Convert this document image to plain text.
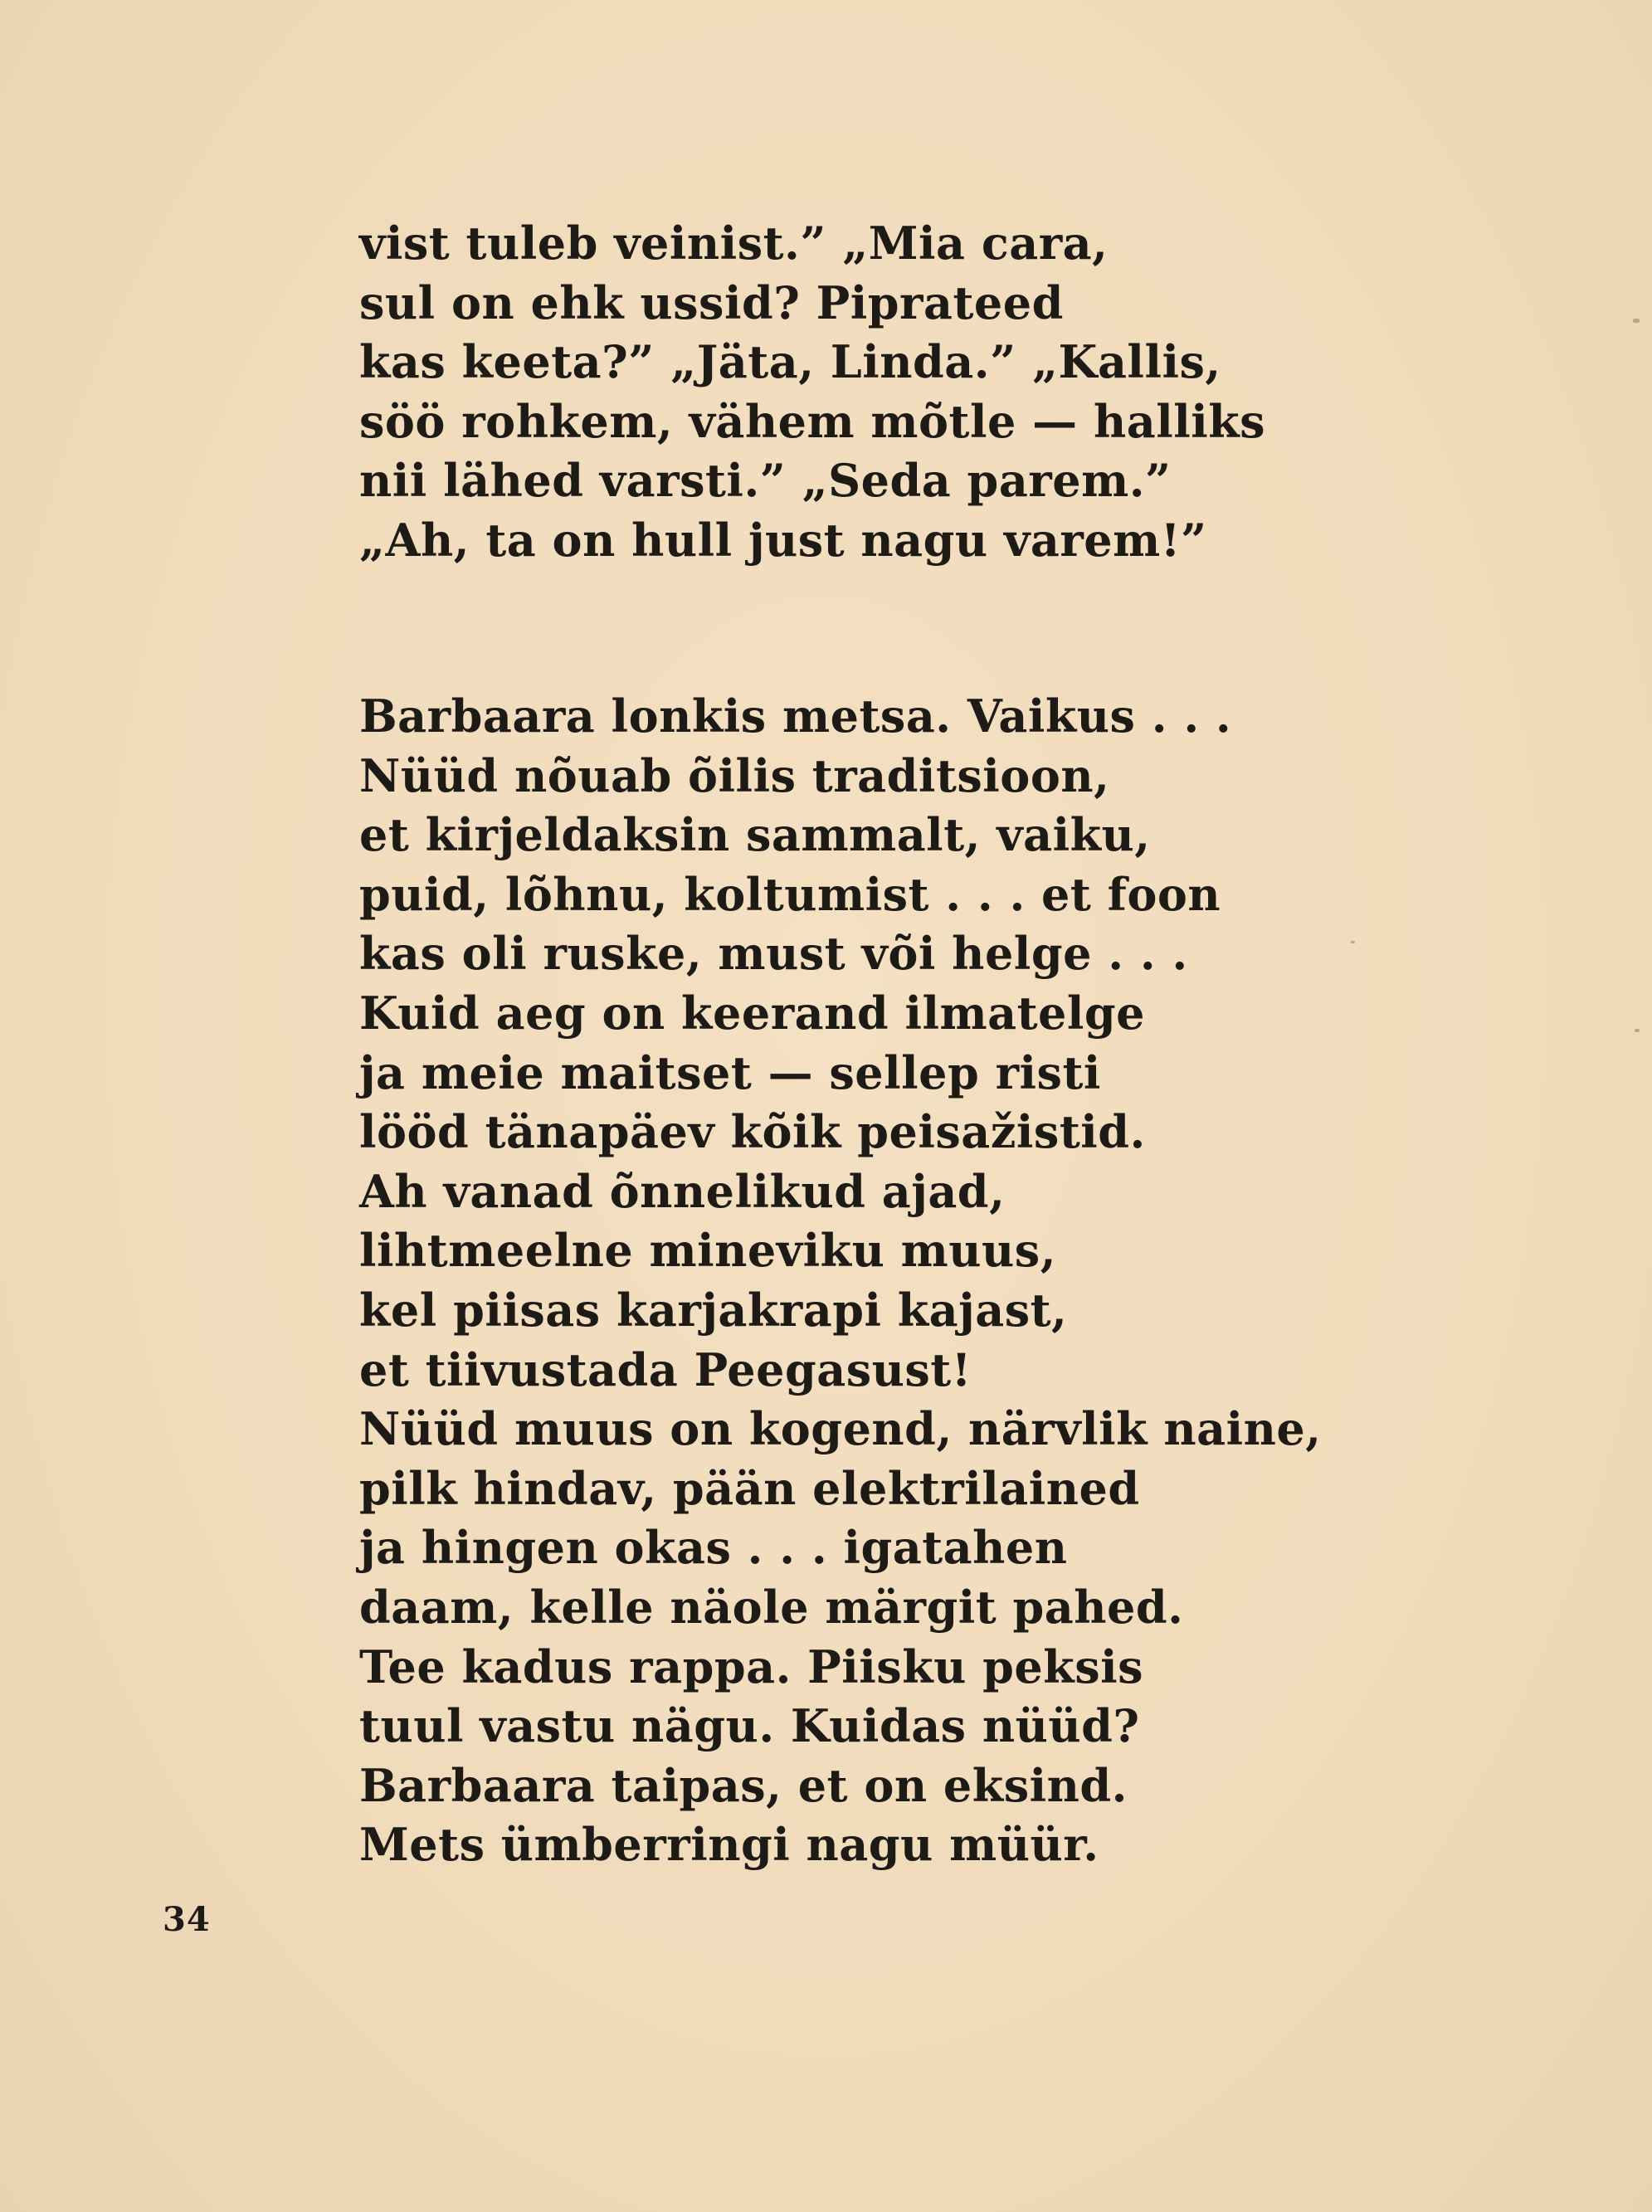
vist tuleb veinist.” „Mia cara,
sul on ehk ussid? Piprateed
kas keeta?” „Jäta, Linda.” „Kallis,
söö rohkem, vähem mõtle — halliks
nii lähed varsti.” „Seda parem.”
„Ah, ta on hull just nagu varem!”
Barbaara lonkis metsa. Vaikus . . .
Nüüd nõuab õilis traditsioon,
et kirjeldaksin sammalt, vaiku,
puid, lõhnu, koltumist . . . et foon
kas oli ruske, must või helge . . .
Kuid aeg on keerand ilmatelge
ja meie maitset — sellep risti
lööd tänapäev kõik peisažistid.
Ah vanad õnnelikud ajad,
lihtmeelne mineviku muus,
kel piisas karjakrapi kajast,
et tiivustada Peegasust!
Nüüd muus on kogend, närvlik naine,
pilk hindav, pään elektrilained
ja hingen okas . . . igatahen
daam, kelle näole märgit pahed.
Tee kadus rappa. Piisku peksis
tuul vastu nägu. Kuidas nüüd?
Barbaara taipas, et on eksind.
Mets ümberringi nagu müür.
34
